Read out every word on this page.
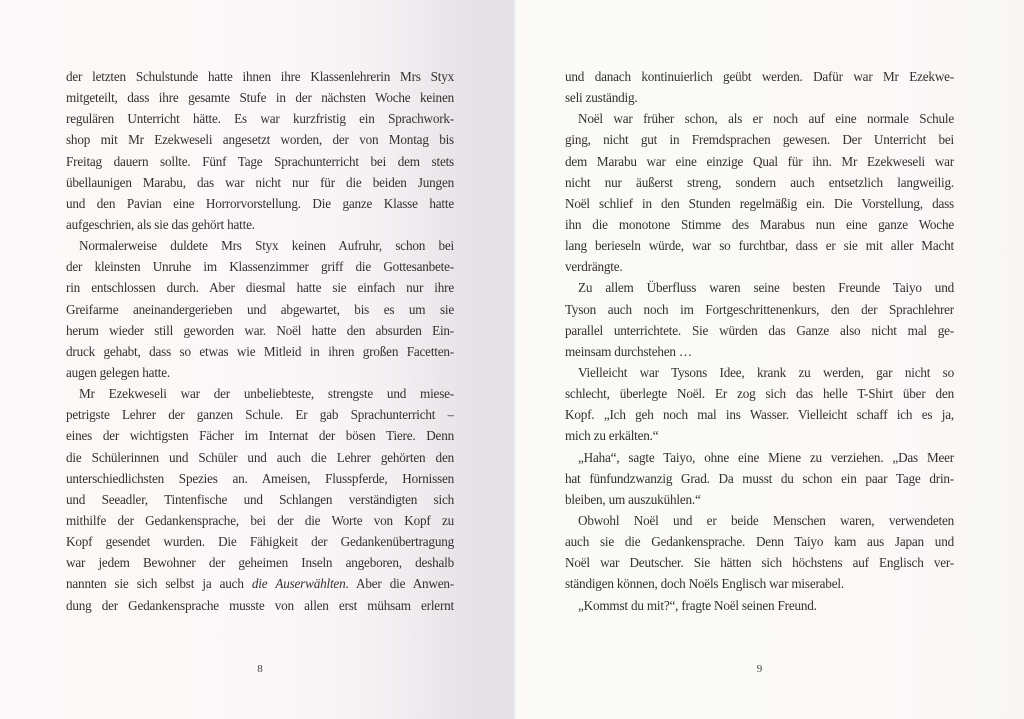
der letzten Schulstunde hatte ihnen ihre Klassenlehrerin Mrs Styx
mitgeteilt, dass ihre gesamte Stufe in der nächsten Woche keinen
regulären Unterricht hätte. Es war kurzfristig ein Sprachwork-
shop mit Mr Ezekweseli angesetzt worden, der von Montag bis
Freitag dauern sollte. Fünf Tage Sprachunterricht bei dem stets
übellaunigen Marabu, das war nicht nur für die beiden Jungen
und den Pavian eine Horrorvorstellung. Die ganze Klasse hatte
aufgeschrien, als sie das gehört hatte.
Normalerweise duldete Mrs Styx keinen Aufruhr, schon bei
der kleinsten Unruhe im Klassenzimmer griff die Gottesanbete-
rin entschlossen durch. Aber diesmal hatte sie einfach nur ihre
Greifarme aneinandergerieben und abgewartet, bis es um sie
herum wieder still geworden war. Noël hatte den absurden Ein-
druck gehabt, dass so etwas wie Mitleid in ihren großen Facetten-
augen gelegen hatte.
Mr Ezekweseli war der unbeliebteste, strengste und miese-
petrigste Lehrer der ganzen Schule. Er gab Sprachunterricht –
eines der wichtigsten Fächer im Internat der bösen Tiere. Denn
die Schülerinnen und Schüler und auch die Lehrer gehörten den
unterschiedlichsten Spezies an. Ameisen, Flusspferde, Hornissen
und Seeadler, Tintenfische und Schlangen verständigten sich
mithilfe der Gedankensprache, bei der die Worte von Kopf zu
Kopf gesendet wurden. Die Fähigkeit der Gedankenübertragung
war jedem Bewohner der geheimen Inseln angeboren, deshalb
nannten sie sich selbst ja auch die Auserwählten. Aber die Anwen-
dung der Gedankensprache musste von allen erst mühsam erlernt
8
und danach kontinuierlich geübt werden. Dafür war Mr Ezekwe-
seli zuständig.
Noël war früher schon, als er noch auf eine normale Schule
ging, nicht gut in Fremdsprachen gewesen. Der Unterricht bei
dem Marabu war eine einzige Qual für ihn. Mr Ezekweseli war
nicht nur äußerst streng, sondern auch entsetzlich langweilig.
Noël schlief in den Stunden regelmäßig ein. Die Vorstellung, dass
ihn die monotone Stimme des Marabus nun eine ganze Woche
lang berieseln würde, war so furchtbar, dass er sie mit aller Macht
verdrängte.
Zu allem Überfluss waren seine besten Freunde Taiyo und
Tyson auch noch im Fortgeschrittenenkurs, den der Sprachlehrer
parallel unterrichtete. Sie würden das Ganze also nicht mal ge-
meinsam durchstehen …
Vielleicht war Tysons Idee, krank zu werden, gar nicht so
schlecht, überlegte Noël. Er zog sich das helle T-Shirt über den
Kopf. „Ich geh noch mal ins Wasser. Vielleicht schaff ich es ja,
mich zu erkälten.“
„Haha“, sagte Taiyo, ohne eine Miene zu verziehen. „Das Meer
hat fünfundzwanzig Grad. Da musst du schon ein paar Tage drin-
bleiben, um auszukühlen.“
Obwohl Noël und er beide Menschen waren, verwendeten
auch sie die Gedankensprache. Denn Taiyo kam aus Japan und
Noël war Deutscher. Sie hätten sich höchstens auf Englisch ver-
ständigen können, doch Noëls Englisch war miserabel.
„Kommst du mit?“, fragte Noël seinen Freund.
9
